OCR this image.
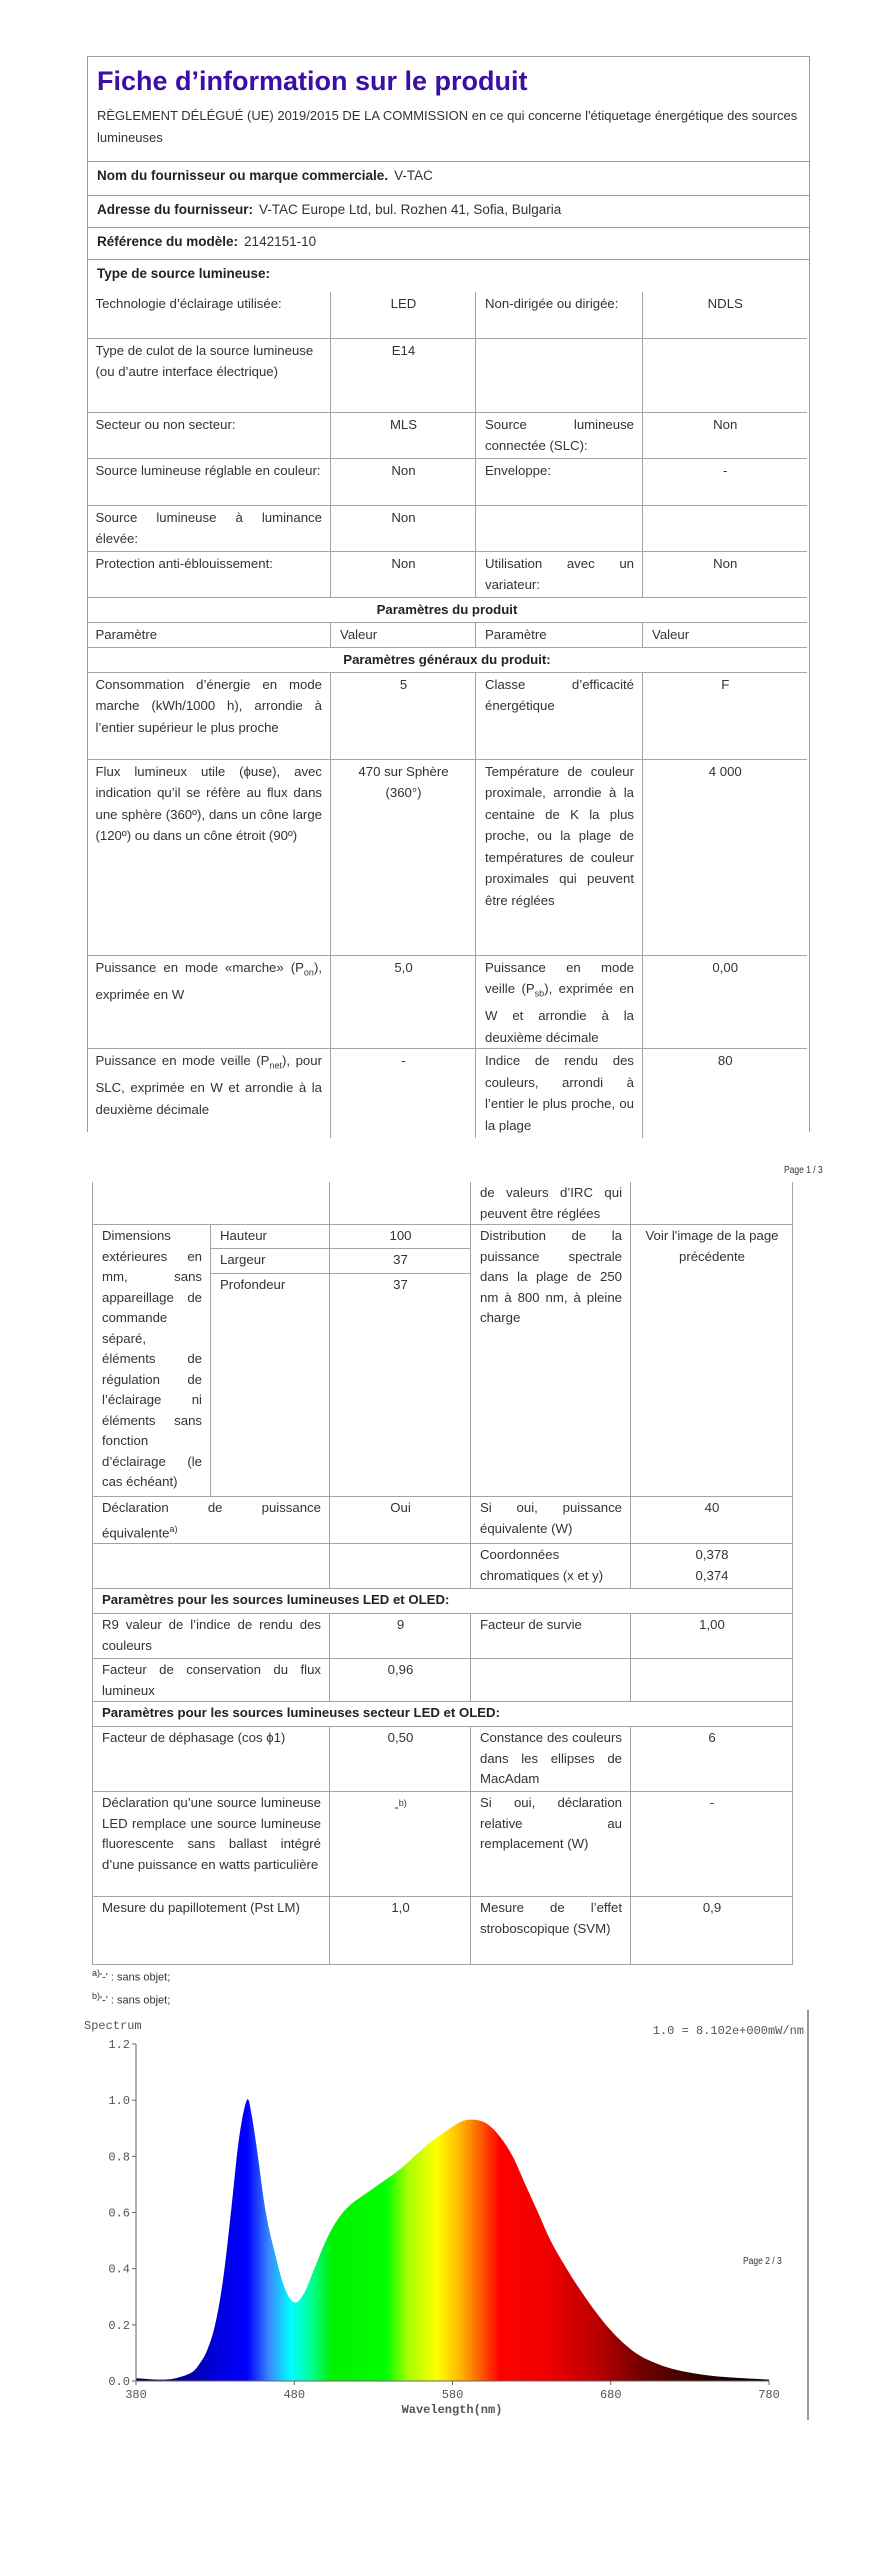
Fiche d’information sur le produit
RÈGLEMENT DÉLÉGUÉ (UE) 2019/2015 DE LA COMMISSION en ce qui concerne l'étiquetage énergétique des sources lumineuses
Nom du fournisseur ou marque commerciale. V-TAC
Adresse du fournisseur: V-TAC Europe Ltd, bul. Rozhen 41, Sofia, Bulgaria
Référence du modèle: 2142151-10
Type de source lumineuse:
Technologie d’éclairage utilisée:	LED	Non-dirigée ou dirigée:	NDLS
Type de culot de la source lumineuse
(ou d’autre interface électrique)	E14		
Secteur ou non secteur:	MLS	Source lumineuse connectée (SLC):	Non
Source lumineuse réglable en couleur:	Non	Enveloppe:	-
Source lumineuse à luminance élevée:	Non		
Protection anti-éblouissement:	Non	Utilisation avec un variateur:	Non
Paramètres du produit			
Paramètre	Valeur	Paramètre	Valeur
Paramètres généraux du produit:			
Consommation d’énergie en mode marche (kWh/1000 h), arrondie à l’entier supérieur le plus proche	5	Classe d’efficacité énergétique	F
Flux lumineux utile (ϕuse), avec indication qu’il se réfère au flux dans une sphère (360º), dans un cône large (120º) ou dans un cône étroit (90º)	470 sur Sphère (360°)	Température de couleur proximale, arrondie à la centaine de K la plus proche, ou la plage de températures de couleur proximales qui peuvent être réglées	4 000
Puissance en mode «marche» $(P_{on})$, exprimée en W	5,0	Puissance en mode veille $(P_{sb})$, exprimée en W et arrondie à la deuxième décimale	0,00
Puissance en mode veille $(P_{net})$, pour SLC, exprimée en W et arrondie à la deuxième décimale	-	Indice de rendu des couleurs, arrondi à l’entier le plus proche, ou la plage	80
Page 1 / 3
			de valeurs d’IRC qui peuvent être réglées	
Dimensions extérieures en mm, sans appareillage de commande séparé, éléments de régulation de l’éclairage ni éléments sans fonction d’éclairage (le cas échéant)	Hauteur	100	Distribution de la puissance spectrale dans la plage de 250 nm à 800 nm, à pleine charge	Voir l'image de la page précédente
	Largeur	37		
	Profondeur	37		
Déclaration de puissance équivalente$^{a)}$		Oui	Si oui, puissance équivalente (W)	40
			Coordonnées chromatiques (x et y)	0,378
0,374

Paramètres pour les sources lumineuses LED et OLED:				
R9 valeur de l’indice de rendu des couleurs		9	Facteur de survie	1,00
Facteur de conservation du flux lumineux		0,96		
Paramètres pour les sources lumineuses secteur LED et OLED:				
Facteur de déphasage (cos ϕ1)		0,50	Constance des couleurs dans les ellipses de MacAdam	6
Déclaration qu’une source lumineuse LED remplace une source lumineuse fluorescente sans ballast intégré d’une puissance en watts particulière		-$^{b)}$	Si oui, déclaration relative au remplacement (W)	-
Mesure du papillotement (Pst LM)		1,0	Mesure de l’effet stroboscopique (SVM)	0,9
$^{a)}$'-' : sans objet;
$^{b)}$'-' : sans objet;
Spectrum	1.0 = 8.102e+000mW/nm
0.0
0.2
0.4
0.6
0.8
1.0
1.2
380	480	580	680	780
Wavelength(nm)
Page 2 / 3
